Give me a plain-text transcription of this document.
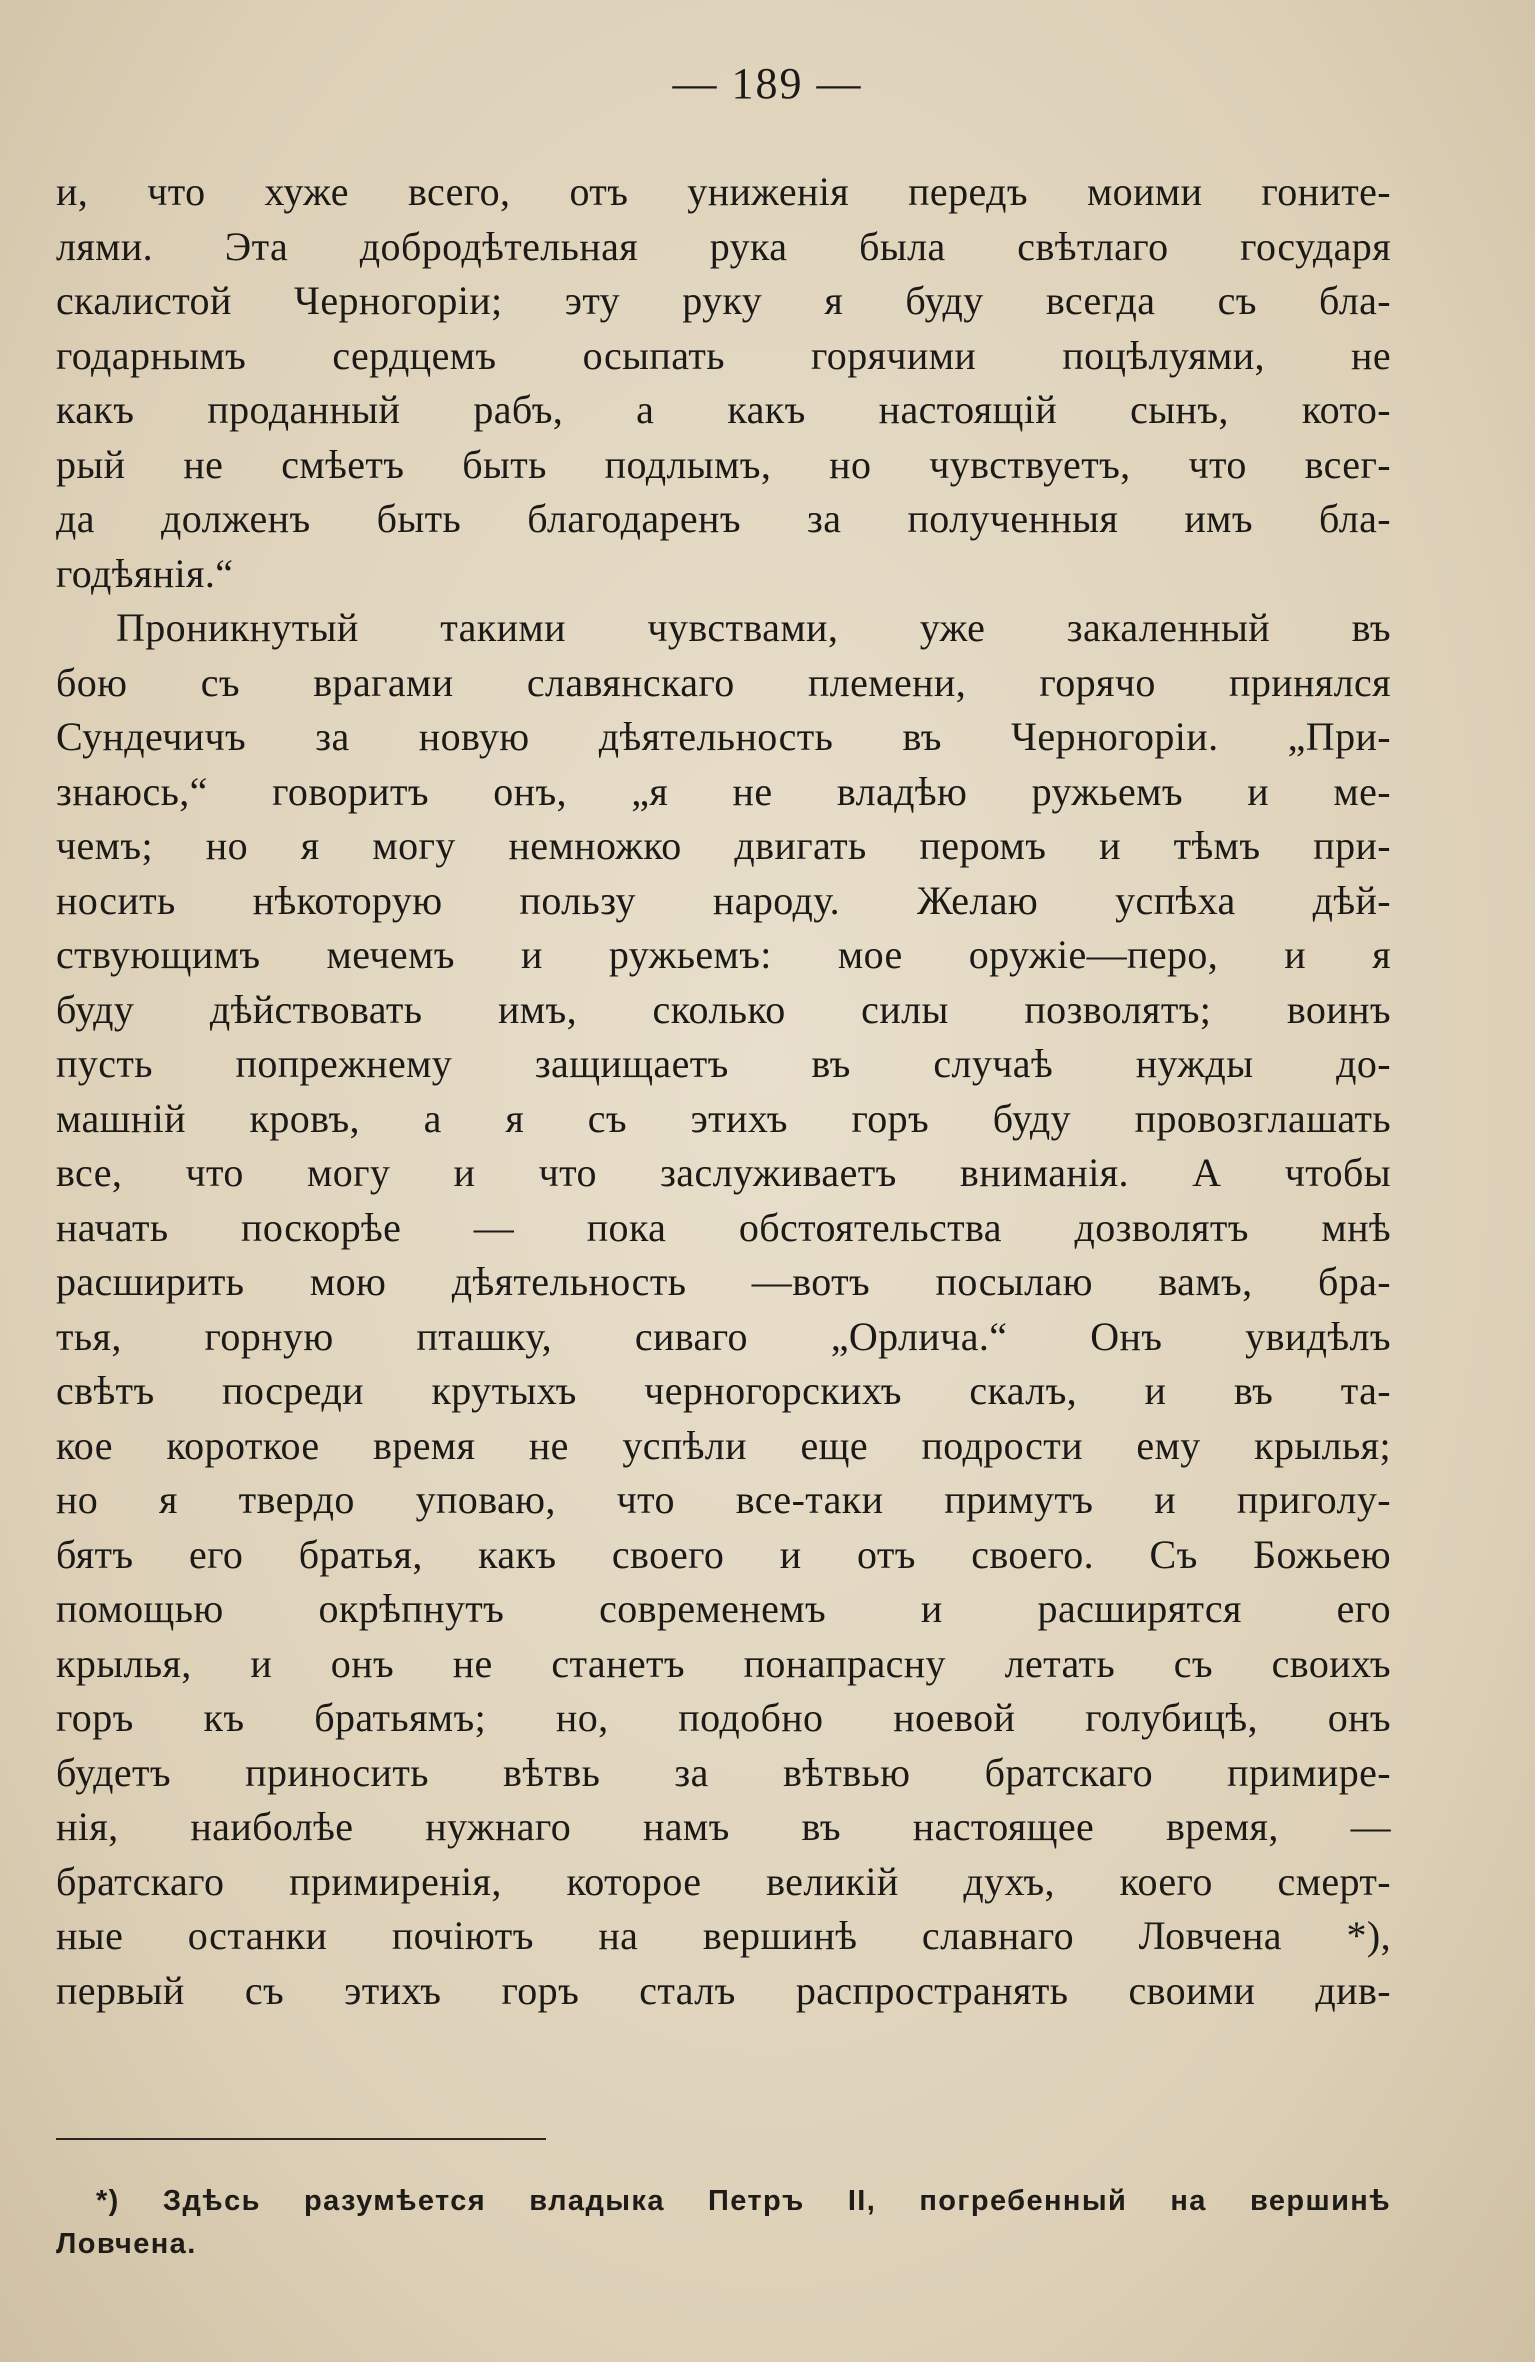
— 189 —
и, что хуже всего, отъ униженія передъ моими гоните-
лями. Эта добродѣтельная рука была свѣтлаго государя
скалистой Черногоріи; эту руку я буду всегда съ бла-
годарнымъ сердцемъ осыпать горячими поцѣлуями, не
какъ проданный рабъ, а какъ настоящій сынъ, кото-
рый не смѣетъ быть подлымъ, но чувствуетъ, что всег-
да долженъ быть благодаренъ за полученныя имъ бла-
годѣянія.“
Проникнутый такими чувствами, уже закаленный въ
бою съ врагами славянскаго племени, горячо принялся
Сундечичъ за новую дѣятельность въ Черногоріи. „При-
знаюсь,“ говоритъ онъ, „я не владѣю ружьемъ и ме-
чемъ; но я могу немножко двигать перомъ и тѣмъ при-
носить нѣкоторую пользу народу. Желаю успѣха дѣй-
ствующимъ мечемъ и ружьемъ: мое оружіе—перо, и я
буду дѣйствовать имъ, сколько силы позволятъ; воинъ
пусть попрежнему защищаетъ въ случаѣ нужды до-
машній кровъ, а я съ этихъ горъ буду провозглашать
все, что могу и что заслуживаетъ вниманія. А чтобы
начать поскорѣе — пока обстоятельства дозволятъ мнѣ
расширить мою дѣятельность —вотъ посылаю вамъ, бра-
тья, горную пташку, сиваго „Орлича.“ Онъ увидѣлъ
свѣтъ посреди крутыхъ черногорскихъ скалъ, и въ та-
кое короткое время не успѣли еще подрости ему крылья;
но я твердо уповаю, что все-таки примутъ и приголу-
бятъ его братья, какъ своего и отъ своего. Съ Божьею
помощью окрѣпнутъ современемъ и расширятся его
крылья, и онъ не станетъ понапрасну летать съ своихъ
горъ къ братьямъ; но, подобно ноевой голубицѣ, онъ
будетъ приносить вѣтвь за вѣтвью братскаго примире-
нія, наиболѣе нужнаго намъ въ настоящее время, —
братскаго примиренія, которое великій духъ, коего смерт-
ные останки почіютъ на вершинѣ славнаго Ловчена *),
первый съ этихъ горъ сталъ распространять своими див-
*) Здѣсь разумѣется владыка Петръ II, погребенный на вершинѣ
Ловчена.
